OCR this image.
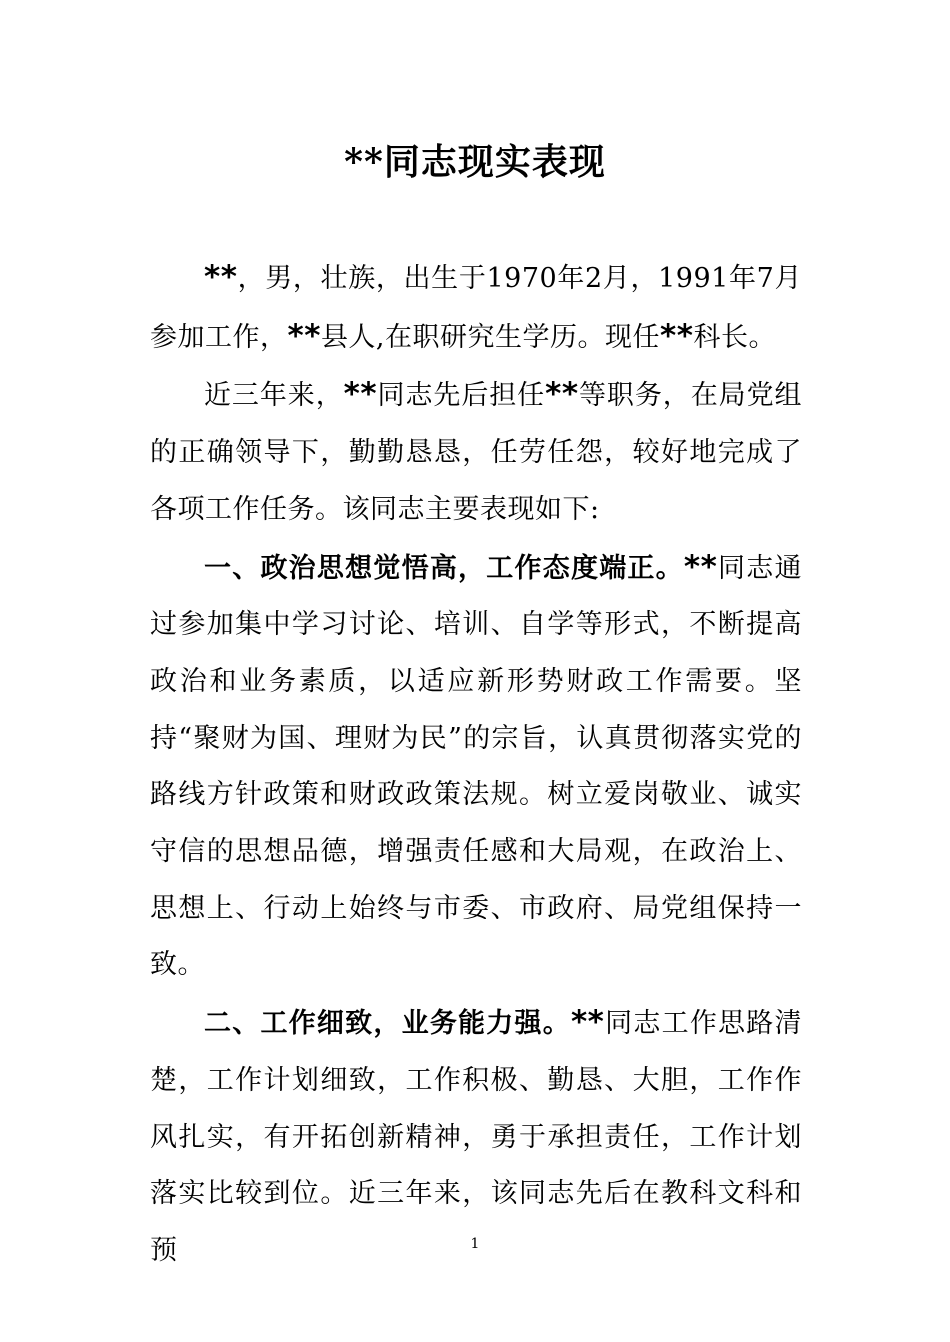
**同志现实表现

**，男，壮族，出生于1970年2月，1991年7月参加工作，**县人,在职研究生学历。现任**科长。

近三年来，**同志先后担任**等职务，在局党组的正确领导下，勤勤恳恳，任劳任怨，较好地完成了各项工作任务。该同志主要表现如下:

一、政治思想觉悟高，工作态度端正。**同志通过参加集中学习讨论、培训、自学等形式，不断提高政治和业务素质，以适应新形势财政工作需要。坚持“聚财为国、理财为民”的宗旨，认真贯彻落实党的路线方针政策和财政政策法规。树立爱岗敬业、诚实守信的思想品德，增强责任感和大局观，在政治上、思想上、行动上始终与市委、市政府、局党组保持一致。

二、工作细致，业务能力强。**同志工作思路清楚，工作计划细致，工作积极、勤恳、大胆，工作作风扎实，有开拓创新精神，勇于承担责任，工作计划落实比较到位。近三年来，该同志先后在教科文科和预	1
